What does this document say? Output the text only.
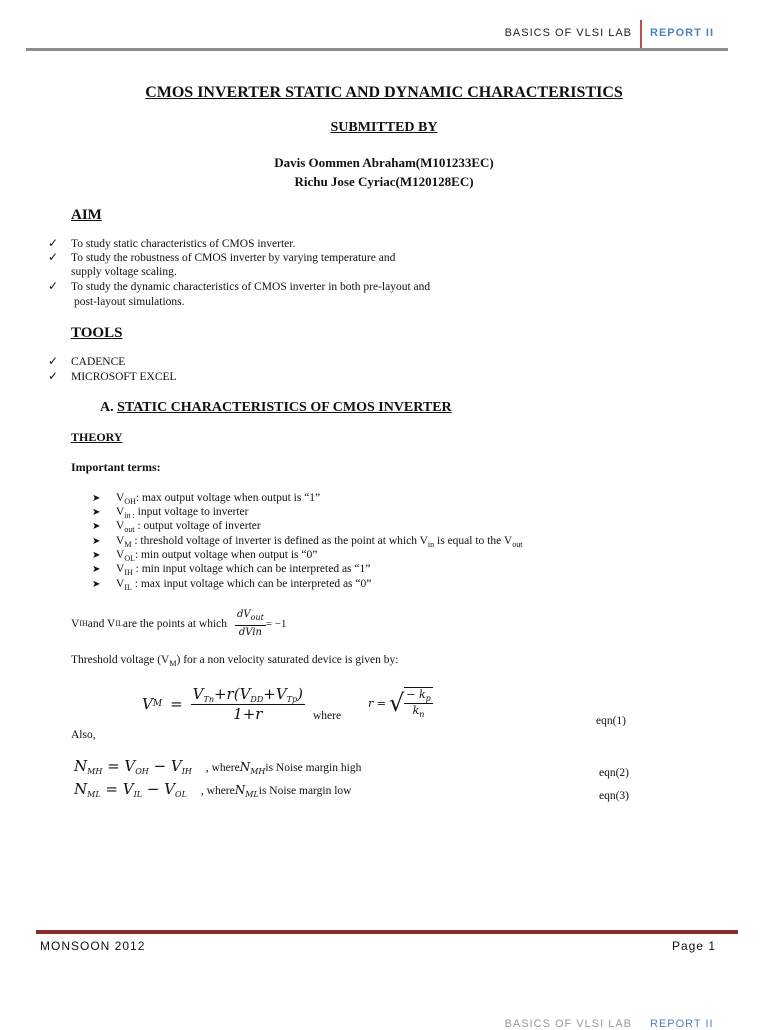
BASICS OF VLSI LAB REPORT II
CMOS INVERTER STATIC AND DYNAMIC CHARACTERISTICS
SUBMITTED BY
Davis Oommen Abraham(M101233EC)
Richu Jose Cyriac(M120128EC)
AIM
✓ To study static characteristics of CMOS inverter.
✓ To study the robustness of CMOS inverter by varying temperature and
supply voltage scaling.
✓ To study the dynamic characteristics of CMOS inverter in both pre-layout and
post-layout simulations.
TOOLS
✓ CADENCE
✓ MICROSOFT EXCEL
A. STATIC CHARACTERISTICS OF CMOS INVERTER
THEORY
Important terms:
➤ $V_{OH}$: max output voltage when output is “1”
➤ $V_{in :}$ input voltage to inverter
➤ $V_{out}$ : output voltage of inverter
➤ $V_M$ : threshold voltage of inverter is defined as the point at which $V_{in}$ is equal to the $V_{out}$
➤ $V_{OL}$: min output voltage when output is “0”
➤ $V_{IH}$ : min input voltage which can be interpreted as “1”
➤ $V_{IL}$ : max input voltage which can be interpreted as “0”
V IH and V IL are the points at which $\frac{dV_{out}}{\text{dVin}} = -1$
Threshold voltage $(V_M)$ for a non velocity saturated device is given by:
V $M = \frac{V_{Tn}+r(V_{DD}+V_{Tp})}{1+r}$ where
r = √ $\frac{- k_p}{k_n}$
eqn(1)
Also,
$N_{MH} = V_{OH} - V_{IH}$ , where $N_{MH}$ is Noise margin high	eqn(2)
$N_{ML} = V_{IL} - V_{OL}$ , where $N_{ML}$ is Noise margin low	eqn(3)
MONSOON 2012	Page 1
BASICS OF VLSI LAB REPORT II
